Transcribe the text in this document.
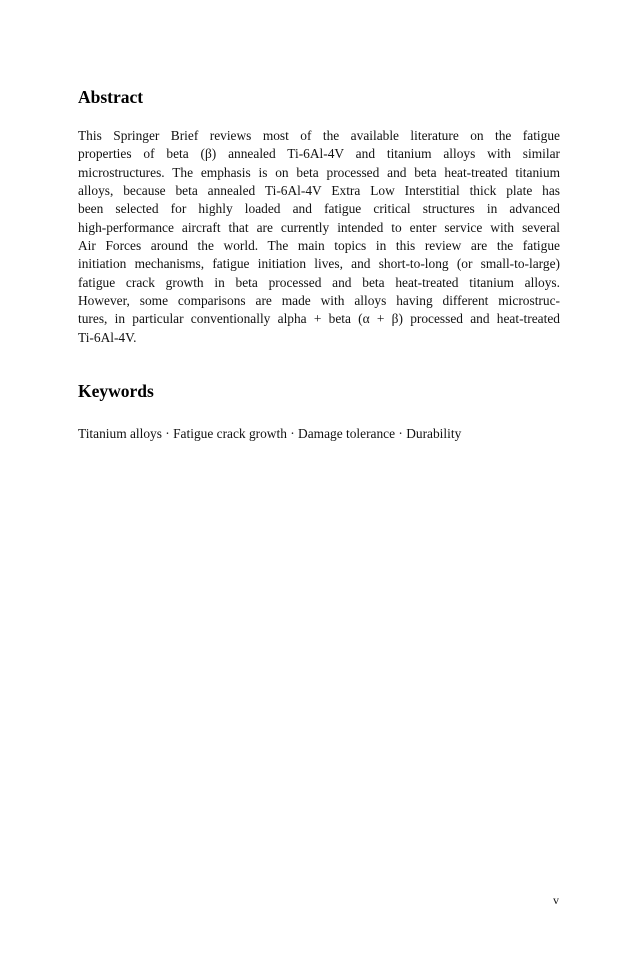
Abstract
This Springer Brief reviews most of the available literature on the fatigue
properties of beta (β) annealed Ti-6Al-4V and titanium alloys with similar
microstructures. The emphasis is on beta processed and beta heat-treated titanium
alloys, because beta annealed Ti-6Al-4V Extra Low Interstitial thick plate has
been selected for highly loaded and fatigue critical structures in advanced
high-performance aircraft that are currently intended to enter service with several
Air Forces around the world. The main topics in this review are the fatigue
initiation mechanisms, fatigue initiation lives, and short-to-long (or small-to-large)
fatigue crack growth in beta processed and beta heat-treated titanium alloys.
However, some comparisons are made with alloys having different microstruc-
tures, in particular conventionally alpha + beta (α + β) processed and heat-treated
Ti-6Al-4V.
Keywords

Titanium alloys · Fatigue crack growth · Damage tolerance · Durability

v
